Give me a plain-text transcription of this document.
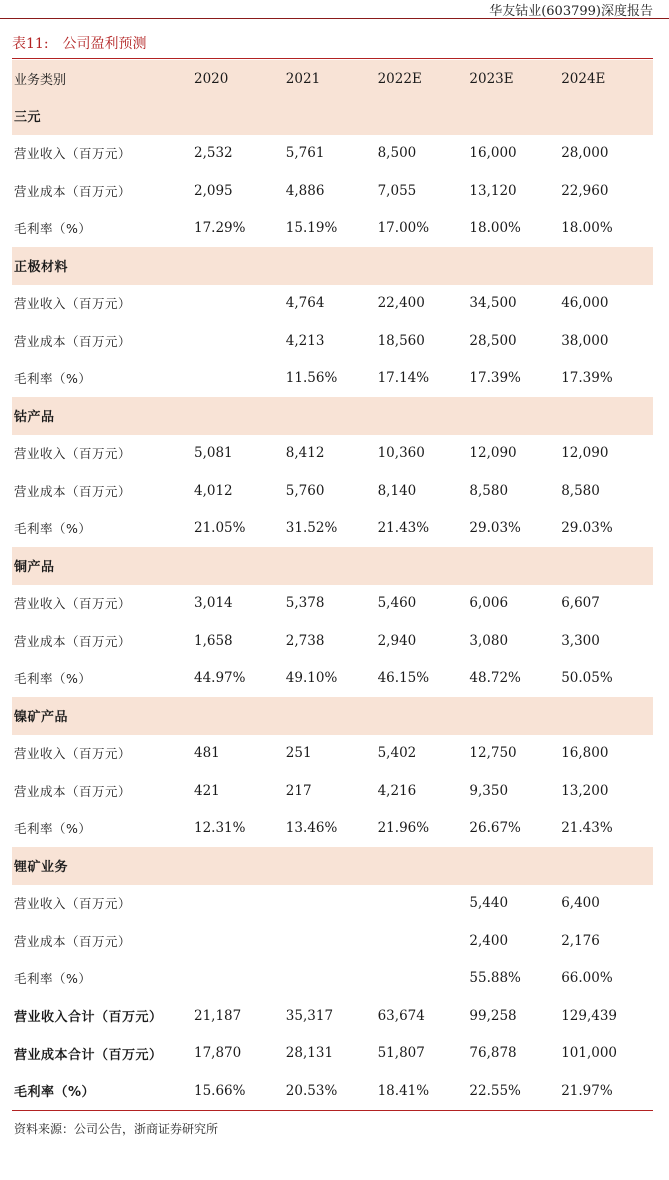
华友钴业(603799)深度报告
表11: 公司盈利预测
业务类别	2020	2021	2022E	2023E	2024E
三元					
营业收入（百万元）	2,532	5,761	8,500	16,000	28,000
营业成本（百万元）	2,095	4,886	7,055	13,120	22,960
毛利率（%）	17.29%	15.19%	17.00%	18.00%	18.00%
正极材料					
营业收入（百万元）		4,764	22,400	34,500	46,000
营业成本（百万元）		4,213	18,560	28,500	38,000
毛利率（%）		11.56%	17.14%	17.39%	17.39%
钴产品					
营业收入（百万元）	5,081	8,412	10,360	12,090	12,090
营业成本（百万元）	4,012	5,760	8,140	8,580	8,580
毛利率（%）	21.05%	31.52%	21.43%	29.03%	29.03%
铜产品					
营业收入（百万元）	3,014	5,378	5,460	6,006	6,607
营业成本（百万元）	1,658	2,738	2,940	3,080	3,300
毛利率（%）	44.97%	49.10%	46.15%	48.72%	50.05%
镍矿产品					
营业收入（百万元）	481	251	5,402	12,750	16,800
营业成本（百万元）	421	217	4,216	9,350	13,200
毛利率（%）	12.31%	13.46%	21.96%	26.67%	21.43%
锂矿业务					
营业收入（百万元）				5,440	6,400
营业成本（百万元）				2,400	2,176
毛利率（%）				55.88%	66.00%
营业收入合计（百万元）	21,187	35,317	63,674	99,258	129,439
营业成本合计（百万元）	17,870	28,131	51,807	76,878	101,000
毛利率（%）	15.66%	20.53%	18.41%	22.55%	21.97%
资料来源：公司公告，浙商证券研究所
